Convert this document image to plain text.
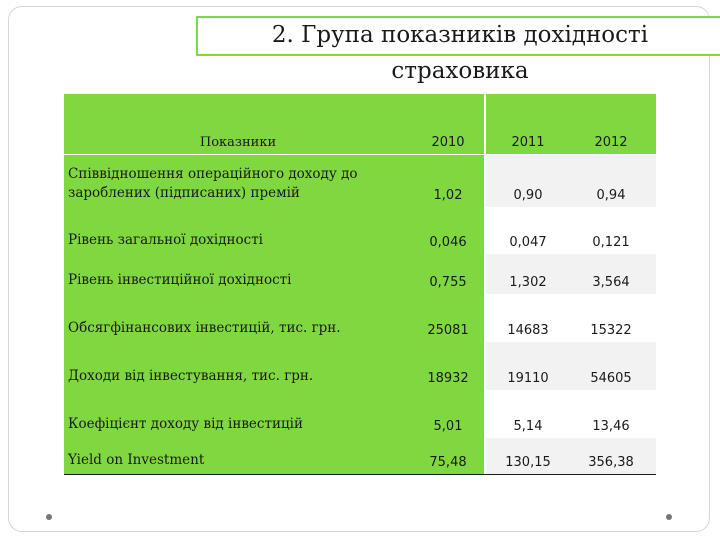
2. Група показників дохідності
страховика
Показники	2010	2011	2012
Співвідношення операційного доходу до зароблених (підписаних) премій	1,02	0,90	0,94
Рівень загальної дохідності	0,046	0,047	0,121
Рівень інвестиційної дохідності	0,755	1,302	3,564
Обсягфінансових інвестицій, тис. грн.	25081	14683	15322
Доходи від інвестування, тис. грн.	18932	19110	54605
Коефіцієнт доходу від інвестицій	5,01	5,14	13,46
Yield on Investment	75,48	130,15	356,38
